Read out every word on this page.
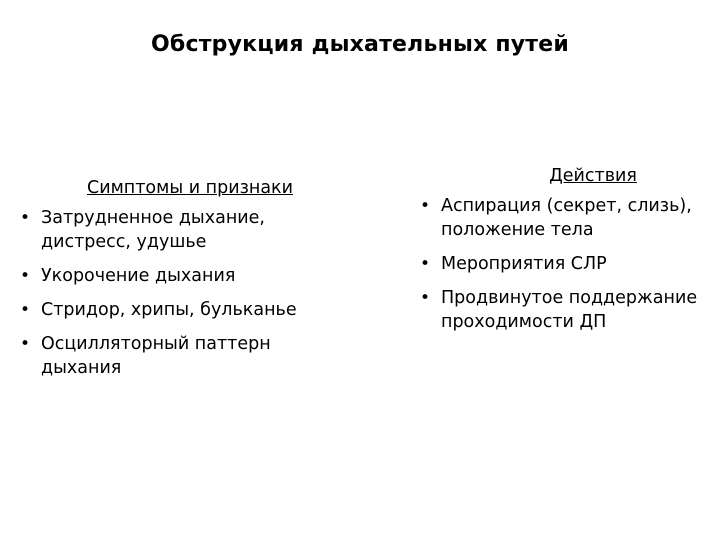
Обструкция дыхательных путей
Симптомы и признаки
• Затрудненное дыхание, дистресс, удушье
• Укорочение дыхания
• Стридор, хрипы, бульканье
• Осцилляторный паттерн дыхания
Действия
• Аспирация (секрет, слизь), положение тела
• Мероприятия СЛР
• Продвинутое поддержание проходимости ДП
